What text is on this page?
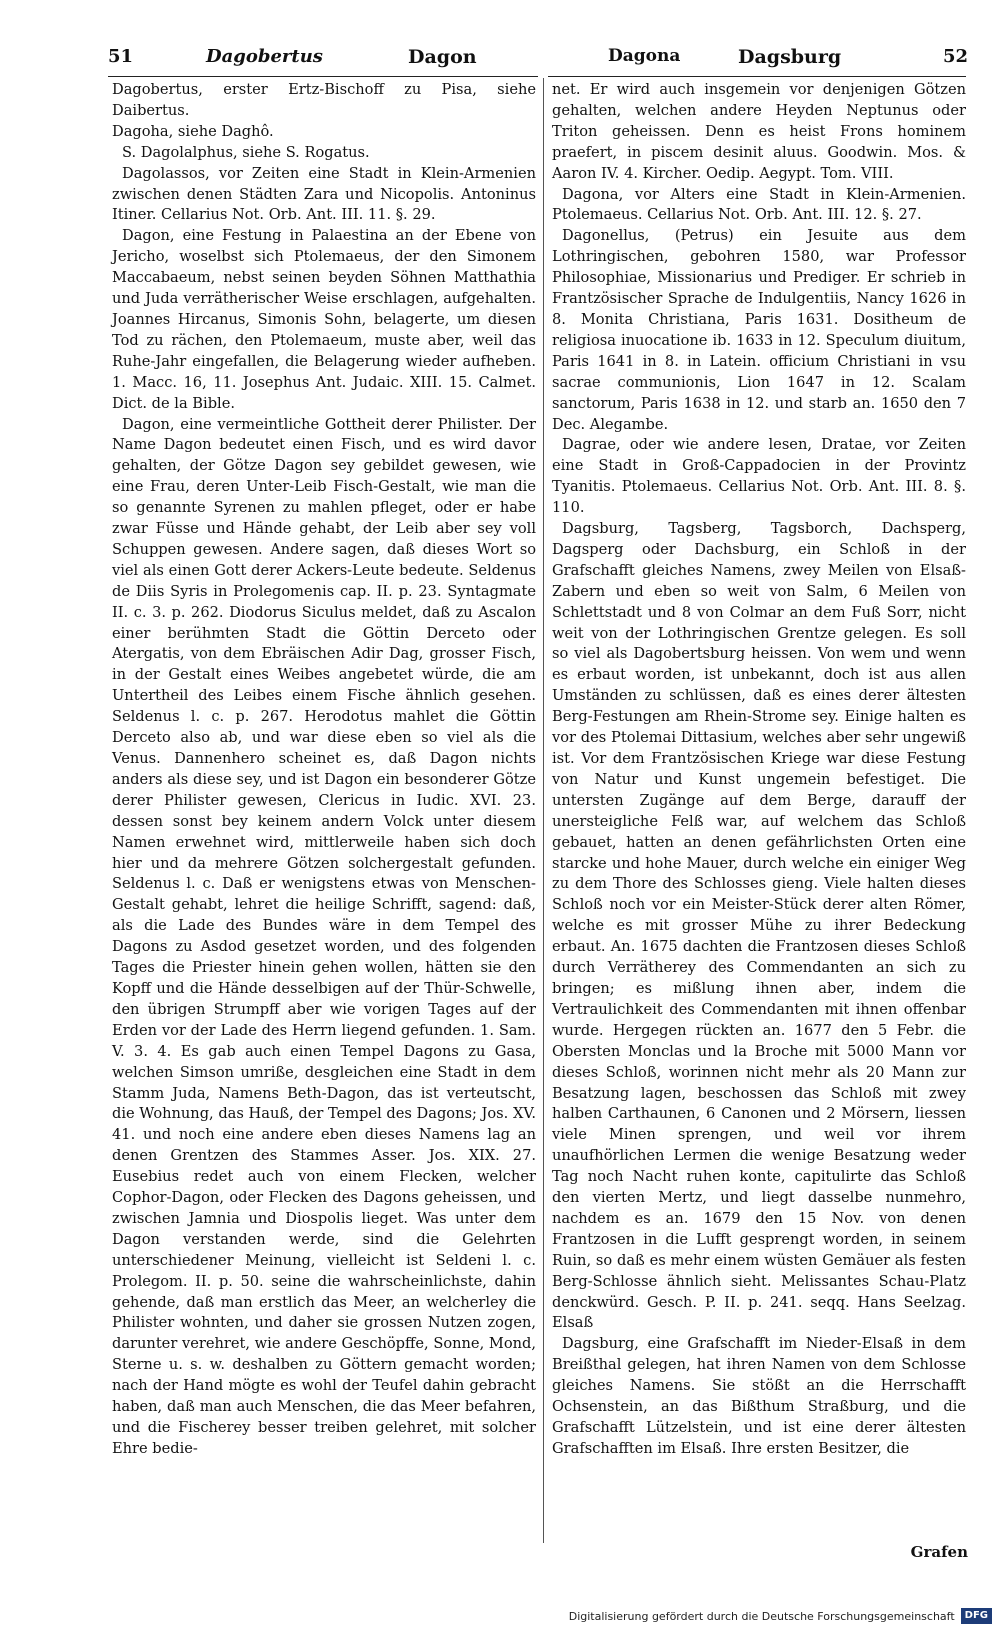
51	Dagobertus	Dagon	Dagona	Dagsburg	52

Dagobertus, erster Ertz-Bischoff zu Pisa, siehe Daibertus.

Dagoha, siehe Daghô.

S. Dagolalphus, siehe S. Rogatus.

Dagolassos, vor Zeiten eine Stadt in Klein-Armenien zwischen denen Städten Zara und Nicopolis. Antoninus Itiner. Cellarius Not. Orb. Ant. III. 11. §. 29.

Dagon, eine Festung in Palaestina an der Ebene von Jericho, woselbst sich Ptolemaeus, der den Simonem Maccabaeum, nebst seinen beyden Söhnen Matthathia und Juda verrätherischer Weise erschlagen, aufgehalten. Joannes Hircanus, Simonis Sohn, belagerte, um diesen Tod zu rächen, den Ptolemaeum, muste aber, weil das Ruhe-Jahr eingefallen, die Belagerung wieder aufheben. 1. Macc. 16, 11. Josephus Ant. Judaic. XIII. 15. Calmet. Dict. de la Bible.

Dagon, eine vermeintliche Gottheit derer Philister. Der Name Dagon bedeutet einen Fisch, und es wird davor gehalten, der Götze Dagon sey gebildet gewesen, wie eine Frau, deren Unter-Leib Fisch-Gestalt, wie man die so genannte Syrenen zu mahlen pfleget, oder er habe zwar Füsse und Hände gehabt, der Leib aber sey voll Schuppen gewesen. Andere sagen, daß dieses Wort so viel als einen Gott derer Ackers-Leute bedeute. Seldenus de Diis Syris in Prolegomenis cap. II. p. 23. Syntagmate II. c. 3. p. 262. Diodorus Siculus meldet, daß zu Ascalon einer berühmten Stadt die Göttin Derceto oder Atergatis, von dem Ebräischen Adir Dag, grosser Fisch, in der Gestalt eines Weibes angebetet würde, die am Untertheil des Leibes einem Fische ähnlich gesehen. Seldenus l. c. p. 267. Herodotus mahlet die Göttin Derceto also ab, und war diese eben so viel als die Venus. Dannenhero scheinet es, daß Dagon nichts anders als diese sey, und ist Dagon ein besonderer Götze derer Philister gewesen, Clericus in Iudic. XVI. 23. dessen sonst bey keinem andern Volck unter diesem Namen erwehnet wird, mittlerweile haben sich doch hier und da mehrere Götzen solchergestalt gefunden. Seldenus l. c. Daß er wenigstens etwas von Menschen-Gestalt gehabt, lehret die heilige Schrifft, sagend: daß, als die Lade des Bundes wäre in dem Tempel des Dagons zu Asdod gesetzet worden, und des folgenden Tages die Priester hinein gehen wollen, hätten sie den Kopff und die Hände desselbigen auf der Thür-Schwelle, den übrigen Strumpff aber wie vorigen Tages auf der Erden vor der Lade des Herrn liegend gefunden. 1. Sam. V. 3. 4. Es gab auch einen Tempel Dagons zu Gasa, welchen Simson umriße, desgleichen eine Stadt in dem Stamm Juda, Namens Beth-Dagon, das ist verteutscht, die Wohnung, das Hauß, der Tempel des Dagons; Jos. XV. 41. und noch eine andere eben dieses Namens lag an denen Grentzen des Stammes Asser. Jos. XIX. 27. Eusebius redet auch von einem Flecken, welcher Cophor-Dagon, oder Flecken des Dagons geheissen, und zwischen Jamnia und Diospolis lieget. Was unter dem Dagon verstanden werde, sind die Gelehrten unterschiedener Meinung, vielleicht ist Seldeni l. c. Prolegom. II. p. 50. seine die wahrscheinlichste, dahin gehende, daß man erstlich das Meer, an welcherley die Philister wohnten, und daher sie grossen Nutzen zogen, darunter verehret, wie andere Geschöpffe, Sonne, Mond, Sterne u. s. w. deshalben zu Göttern gemacht worden; nach der Hand mögte es wohl der Teufel dahin gebracht haben, daß man auch Menschen, die das Meer befahren, und die Fischerey besser treiben gelehret, mit solcher Ehre bedie-

net. Er wird auch insgemein vor denjenigen Götzen gehalten, welchen andere Heyden Neptunus oder Triton geheissen. Denn es heist Frons hominem praefert, in piscem desinit aluus. Goodwin. Mos. & Aaron IV. 4. Kircher. Oedip. Aegypt. Tom. VIII.

Dagona, vor Alters eine Stadt in Klein-Armenien. Ptolemaeus. Cellarius Not. Orb. Ant. III. 12. §. 27.

Dagonellus, (Petrus) ein Jesuite aus dem Lothringischen, gebohren 1580, war Professor Philosophiae, Missionarius und Prediger. Er schrieb in Frantzösischer Sprache de Indulgentiis, Nancy 1626 in 8. Monita Christiana, Paris 1631. Dositheum de religiosa inuocatione ib. 1633 in 12. Speculum diuitum, Paris 1641 in 8. in Latein. officium Christiani in vsu sacrae communionis, Lion 1647 in 12. Scalam sanctorum, Paris 1638 in 12. und starb an. 1650 den 7 Dec. Alegambe.

Dagrae, oder wie andere lesen, Dratae, vor Zeiten eine Stadt in Groß-Cappadocien in der Provintz Tyanitis. Ptolemaeus. Cellarius Not. Orb. Ant. III. 8. §. 110.

Dagsburg, Tagsberg, Tagsborch, Dachsperg, Dagsperg oder Dachsburg, ein Schloß in der Grafschafft gleiches Namens, zwey Meilen von Elsaß-Zabern und eben so weit von Salm, 6 Meilen von Schlettstadt und 8 von Colmar an dem Fuß Sorr, nicht weit von der Lothringischen Grentze gelegen. Es soll so viel als Dagobertsburg heissen. Von wem und wenn es erbaut worden, ist unbekannt, doch ist aus allen Umständen zu schlüssen, daß es eines derer ältesten Berg-Festungen am Rhein-Strome sey. Einige halten es vor des Ptolemai Dittasium, welches aber sehr ungewiß ist. Vor dem Frantzösischen Kriege war diese Festung von Natur und Kunst ungemein befestiget. Die untersten Zugänge auf dem Berge, darauff der unersteigliche Felß war, auf welchem das Schloß gebauet, hatten an denen gefährlichsten Orten eine starcke und hohe Mauer, durch welche ein einiger Weg zu dem Thore des Schlosses gieng. Viele halten dieses Schloß noch vor ein Meister-Stück derer alten Römer, welche es mit grosser Mühe zu ihrer Bedeckung erbaut. An. 1675 dachten die Frantzosen dieses Schloß durch Verrätherey des Commendanten an sich zu bringen; es mißlung ihnen aber, indem die Vertraulichkeit des Commendanten mit ihnen offenbar wurde. Hergegen rückten an. 1677 den 5 Febr. die Obersten Monclas und la Broche mit 5000 Mann vor dieses Schloß, worinnen nicht mehr als 20 Mann zur Besatzung lagen, beschossen das Schloß mit zwey halben Carthaunen, 6 Canonen und 2 Mörsern, liessen viele Minen sprengen, und weil vor ihrem unaufhörlichen Lermen die wenige Besatzung weder Tag noch Nacht ruhen konte, capitulirte das Schloß den vierten Mertz, und liegt dasselbe nunmehro, nachdem es an. 1679 den 15 Nov. von denen Frantzosen in die Lufft gesprengt worden, in seinem Ruin, so daß es mehr einem wüsten Gemäuer als festen Berg-Schlosse ähnlich sieht. Melissantes Schau-Platz denckwürd. Gesch. P. II. p. 241. seqq. Hans Seelzag. Elsaß

Dagsburg, eine Grafschafft im Nieder-Elsaß in dem Breißthal gelegen, hat ihren Namen von dem Schlosse gleiches Namens. Sie stößt an die Herrschafft Ochsenstein, an das Bißthum Straßburg, und die Grafschafft Lützelstein, und ist eine derer ältesten Grafschafften im Elsaß. Ihre ersten Besitzer, die

Grafen
Digitalisierung gefördert durch die Deutsche Forschungsgemeinschaft	DFG
